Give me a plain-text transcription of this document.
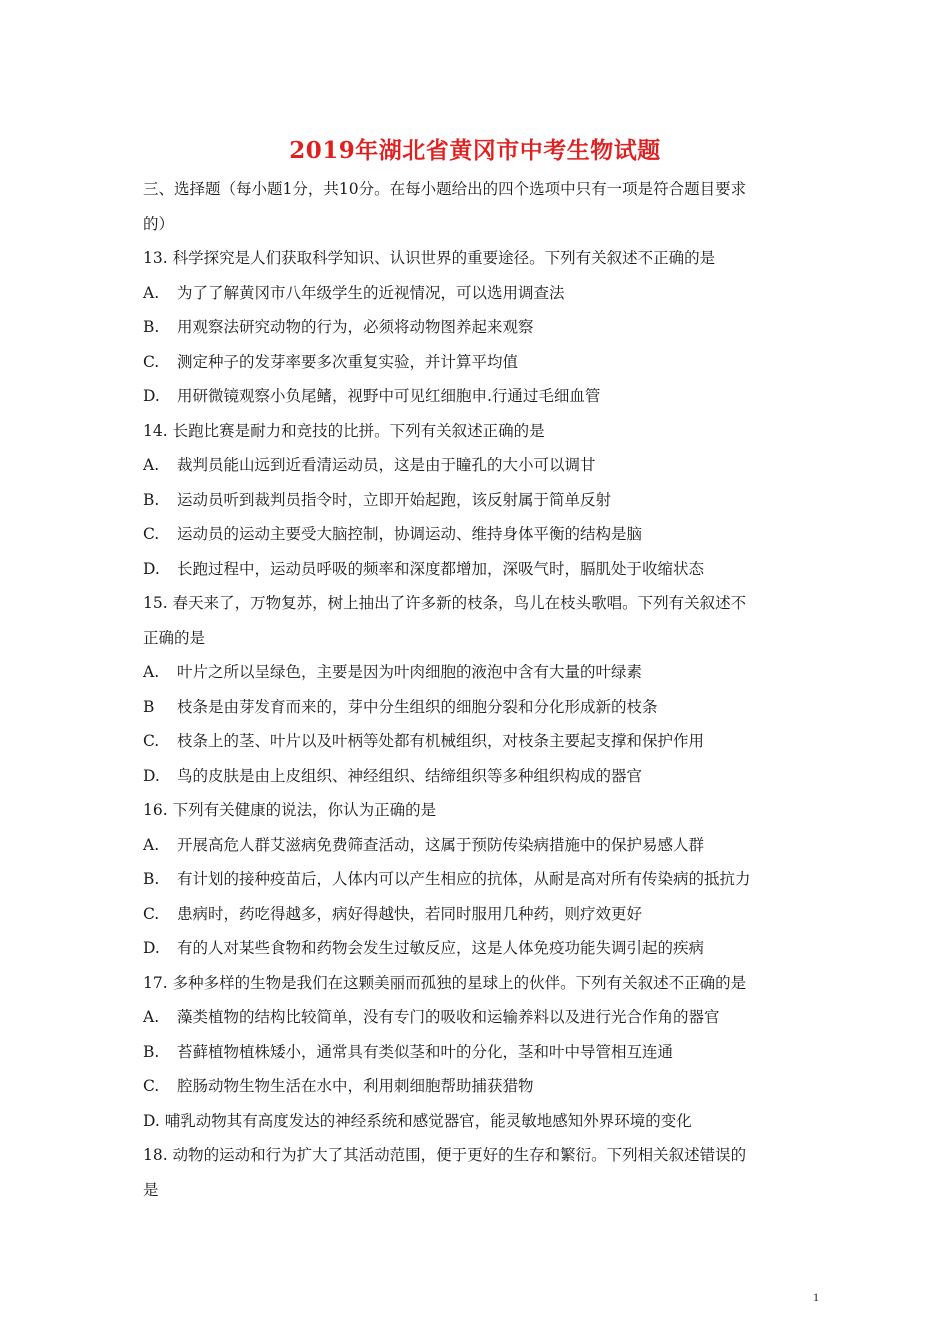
2019年湖北省黄冈市中考生物试题
三、选择题（每小题1分，共10分。在每小题给出的四个选项中只有一项是符合题目要求
的）
13. 科学探究是人们获取科学知识、认识世界的重要途径。下列有关叙述不正确的是
A. 为了了解黄冈市八年级学生的近视情况，可以选用调查法
B. 用观察法研究动物的行为，必须将动物图养起来观察
C. 测定种子的发芽率要多次重复实验，并计算平均值
D. 用研微镜观察小负尾鳍，视野中可见红细胞申.行通过毛细血管
14. 长跑比赛是耐力和竞技的比拼。下列有关叙述正确的是
A. 裁判员能山远到近看清运动员，这是由于瞳孔的大小可以调甘
B. 运动员听到裁判员指令时，立即开始起跑，该反射属于简单反射
C. 运动员的运动主要受大脑控制，协调运动、维持身体平衡的结构是脑
D. 长跑过程中，运动员呼吸的频率和深度都增加，深吸气时，膈肌处于收缩状态
15. 春天来了，万物复苏，树上抽出了许多新的枝条，鸟儿在枝头歌唱。下列有关叙述不
正确的是
A. 叶片之所以呈绿色，主要是因为叶肉细胞的液泡中含有大量的叶绿素
B 枝条是由芽发育而来的，芽中分生组织的细胞分裂和分化形成新的枝条
C. 枝条上的茎、叶片以及叶柄等处都有机械组织，对枝条主要起支撑和保护作用
D. 鸟的皮肤是由上皮组织、神经组织、结缔组织等多种组织构成的器官
16. 下列有关健康的说法，你认为正确的是
A. 开展高危人群艾滋病免费筛查活动，这属于预防传染病措施中的保护易感人群
B. 有计划的接种疫苗后，人体内可以产生相应的抗体，从耐是高对所有传染病的抵抗力
C. 患病时，药吃得越多，病好得越快，若同时服用几种药，则疗效更好
D. 有的人对某些食物和药物会发生过敏反应，这是人体免疫功能失调引起的疾病
17. 多种多样的生物是我们在这颗美丽而孤独的星球上的伙伴。下列有关叙述不正确的是
A. 藻类植物的结构比较简单，没有专门的吸收和运输养料以及进行光合作角的器官
B. 苔藓植物植株矮小，通常具有类似茎和叶的分化，茎和叶中导管相互连通
C. 腔肠动物生物生活在水中，利用刺细胞帮助捕获猎物
D. 哺乳动物其有高度发达的神经系统和感觉器官，能灵敏地感知外界环境的变化
18. 动物的运动和行为扩大了其活动范围，便于更好的生存和繁衍。下列相关叙述错误的
是
1
